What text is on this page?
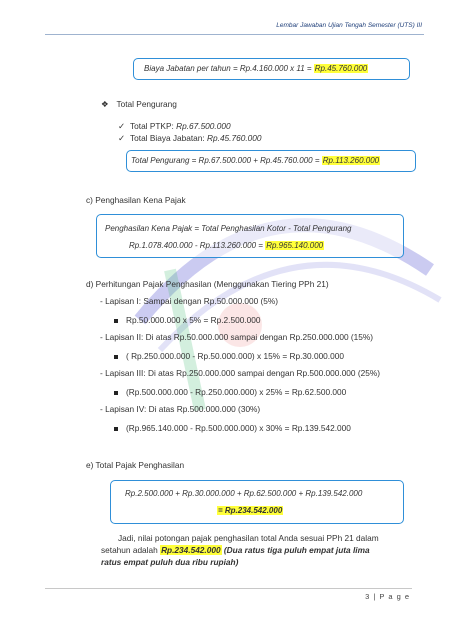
Lembar Jawaban Ujian Tengah Semester (UTS) III
Biaya Jabatan per tahun = Rp.4.160.000 x 11 = Rp.45.760.000
❖ Total Pengurang
✓ Total PTKP: Rp.67.500.000
✓ Total Biaya Jabatan: Rp.45.760.000
Total Pengurang = Rp.67.500.000 + Rp.45.760.000 = Rp.113.260.000
c) Penghasilan Kena Pajak
Penghasilan Kena Pajak = Total Penghasilan Kotor - Total Pengurang
Rp.1.078.400.000 - Rp.113.260.000 = Rp.965.140.000
d) Perhitungan Pajak Penghasilan (Menggunakan Tiering PPh 21)
- Lapisan I: Sampai dengan Rp.50.000.000 (5%)
Rp.50.000.000 x 5% = Rp.2.500.000
- Lapisan II: Di atas Rp.50.000.000 sampai dengan Rp.250.000.000 (15%)
( Rp.250.000.000 - Rp.50.000.000) x 15% = Rp.30.000.000
- Lapisan III: Di atas Rp.250.000.000 sampai dengan Rp.500.000.000 (25%)
(Rp.500.000.000 - Rp.250.000.000) x 25% = Rp.62.500.000
- Lapisan IV: Di atas Rp.500.000.000 (30%)
(Rp.965.140.000 - Rp.500.000.000) x 30% = Rp.139.542.000
e) Total Pajak Penghasilan
Rp.2.500.000 + Rp.30.000.000 + Rp.62.500.000 + Rp.139.542.000
= Rp.234.542.000
Jadi, nilai potongan pajak penghasilan total Anda sesuai PPh 21 dalam
setahun adalah Rp.234.542.000 (Dua ratus tiga puluh empat juta lima
ratus empat puluh dua ribu rupiah)
3 | P a g e
